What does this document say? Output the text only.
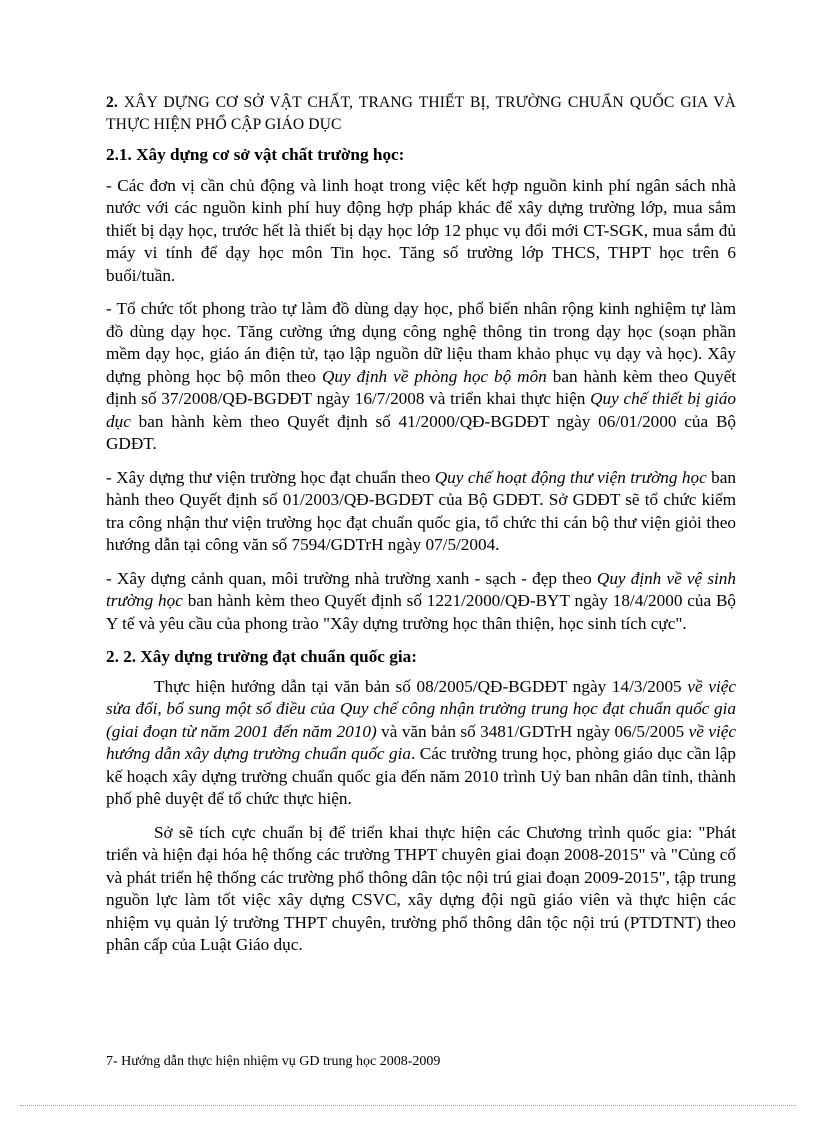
2. XÂY DỰNG CƠ SỞ VẬT CHẤT, TRANG THIẾT BỊ, TRƯỜNG CHUẨN QUỐC GIA VÀ THỰC HIỆN PHỔ CẬP GIÁO DỤC

2.1. Xây dựng cơ sở vật chất trường học:

- Các đơn vị cần chủ động và linh hoạt trong việc kết hợp nguồn kinh phí ngân sách nhà nước với các nguồn kinh phí huy động hợp pháp khác để xây dựng trường lớp, mua sắm thiết bị dạy học, trước hết là thiết bị dạy học lớp 12 phục vụ đổi mới CT-SGK, mua sắm đủ máy vi tính để dạy học môn Tin học. Tăng số trường lớp THCS, THPT học trên 6 buổi/tuần.

- Tổ chức tốt phong trào tự làm đồ dùng dạy học, phổ biến nhân rộng kinh nghiệm tự làm đồ dùng dạy học. Tăng cường ứng dụng công nghệ thông tin trong dạy học (soạn phần mềm dạy học, giáo án điện tử, tạo lập nguồn dữ liệu tham khảo phục vụ dạy và học). Xây dựng phòng học bộ môn theo Quy định về phòng học bộ môn ban hành kèm theo Quyết định số 37/2008/QĐ-BGDĐT ngày 16/7/2008 và triển khai thực hiện Quy chế thiết bị giáo dục ban hành kèm theo Quyết định số 41/2000/QĐ-BGDĐT ngày 06/01/2000 của Bộ GDĐT.

- Xây dựng thư viện trường học đạt chuẩn theo Quy chế hoạt động thư viện trường học ban hành theo Quyết định số 01/2003/QĐ-BGDĐT của Bộ GDĐT. Sở GDĐT sẽ tổ chức kiểm tra công nhận thư viện trường học đạt chuẩn quốc gia, tổ chức thi cán bộ thư viện giỏi theo hướng dẫn tại công văn số 7594/GDTrH ngày 07/5/2004.

- Xây dựng cảnh quan, môi trường nhà trường xanh - sạch - đẹp theo Quy định về vệ sinh trường học ban hành kèm theo Quyết định số 1221/2000/QĐ-BYT ngày 18/4/2000 của Bộ Y tế và yêu cầu của phong trào "Xây dựng trường học thân thiện, học sinh tích cực".

2. 2. Xây dựng trường đạt chuẩn quốc gia:

Thực hiện hướng dẫn tại văn bản số 08/2005/QĐ-BGDĐT ngày 14/3/2005 về việc sửa đổi, bổ sung một số điều của Quy chế công nhận trường trung học đạt chuẩn quốc gia (giai đoạn từ năm 2001 đến năm 2010) và văn bản số 3481/GDTrH ngày 06/5/2005 về việc hướng dẫn xây dựng trường chuẩn quốc gia. Các trường trung học, phòng giáo dục cần lập kế hoạch xây dựng trường chuẩn quốc gia đến năm 2010 trình Uỷ ban nhân dân tỉnh, thành phố phê duyệt để tổ chức thực hiện.

Sở sẽ tích cực chuẩn bị để triển khai thực hiện các Chương trình quốc gia: "Phát triển và hiện đại hóa hệ thống các trường THPT chuyên giai đoạn 2008-2015" và "Củng cố và phát triển hệ thống các trường phổ thông dân tộc nội trú giai đoạn 2009-2015", tập trung nguồn lực làm tốt việc xây dựng CSVC, xây dựng đội ngũ giáo viên và thực hiện các nhiệm vụ quản lý trường THPT chuyên, trường phổ thông dân tộc nội trú (PTDTNT) theo phân cấp của Luật Giáo dục.

7- Hướng dẫn thực hiện nhiệm vụ GD trung học 2008-2009
